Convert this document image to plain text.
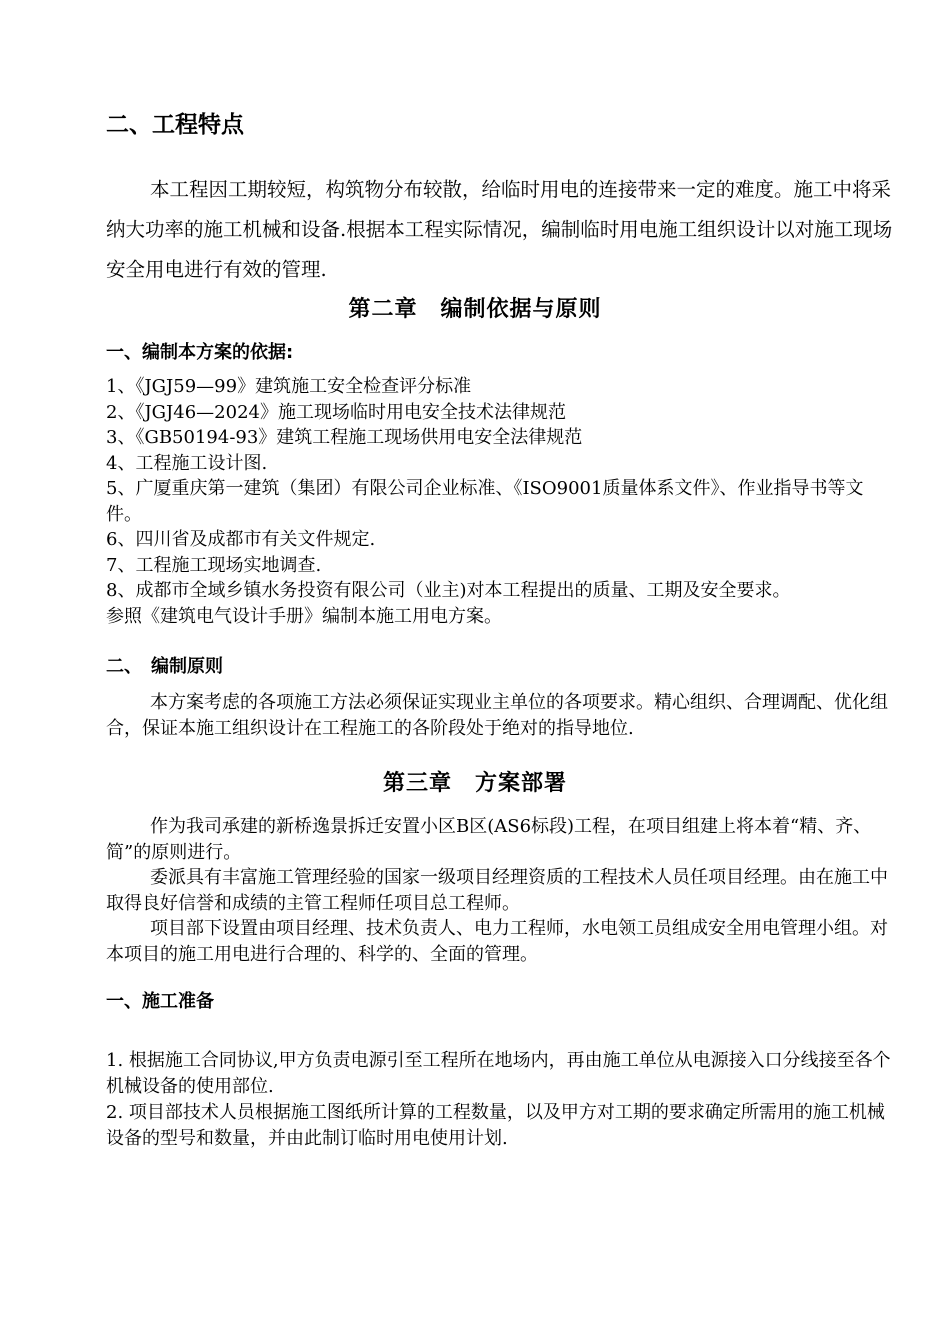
二、工程特点

本工程因工期较短，构筑物分布较散，给临时用电的连接带来一定的难度。施工中将采纳大功率的施工机械和设备.根据本工程实际情况，编制临时用电施工组织设计以对施工现场安全用电进行有效的管理.

第二章　编制依据与原则
一、编制本方案的依据:

1、《JGJ59—99》建筑施工安全检查评分标准

2、《JGJ46—2024》施工现场临时用电安全技术法律规范

3、《GB50194-93》建筑工程施工现场供用电安全法律规范

4、工程施工设计图.

5、广厦重庆第一建筑（集团）有限公司企业标准、《ISO9001质量体系文件》、作业指导书等文件。

6、四川省及成都市有关文件规定.

7、工程施工现场实地调查.

8、成都市全域乡镇水务投资有限公司（业主)对本工程提出的质量、工期及安全要求。

参照《建筑电气设计手册》编制本施工用电方案。

二、　编制原则

本方案考虑的各项施工方法必须保证实现业主单位的各项要求。精心组织、合理调配、优化组合，保证本施工组织设计在工程施工的各阶段处于绝对的指导地位.

第三章　方案部署

作为我司承建的新桥逸景拆迁安置小区B区(AS6标段)工程，在项目组建上将本着“精、齐、简”的原则进行。

委派具有丰富施工管理经验的国家一级项目经理资质的工程技术人员任项目经理。由在施工中取得良好信誉和成绩的主管工程师任项目总工程师。

项目部下设置由项目经理、技术负责人、电力工程师，水电领工员组成安全用电管理小组。对本项目的施工用电进行合理的、科学的、全面的管理。

一、施工准备

1. 根据施工合同协议,甲方负责电源引至工程所在地场内，再由施工单位从电源接入口分线接至各个机械设备的使用部位.

2. 项目部技术人员根据施工图纸所计算的工程数量，以及甲方对工期的要求确定所需用的施工机械设备的型号和数量，并由此制订临时用电使用计划.
